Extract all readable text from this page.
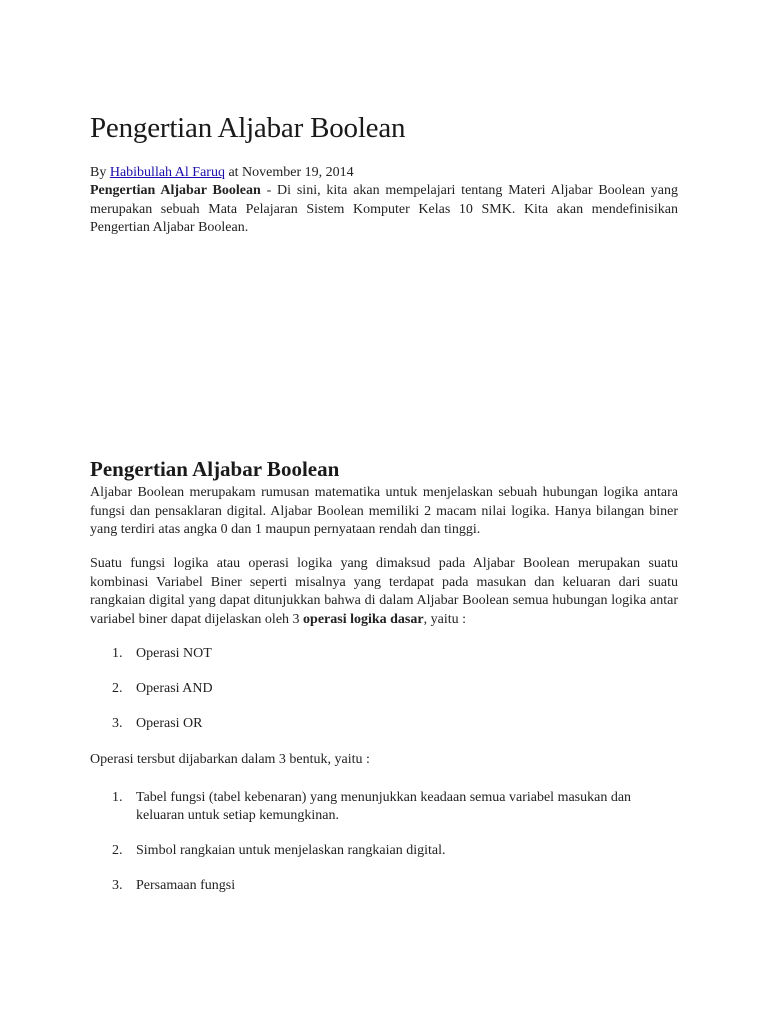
Pengertian Aljabar Boolean
By Habibullah Al Faruq at November 19, 2014

Pengertian Aljabar Boolean - Di sini, kita akan mempelajari tentang Materi Aljabar Boolean yang merupakan sebuah Mata Pelajaran Sistem Komputer Kelas 10 SMK. Kita akan mendefinisikan Pengertian Aljabar Boolean.

Pengertian Aljabar Boolean

Aljabar Boolean merupakam rumusan matematika untuk menjelaskan sebuah hubungan logika antara fungsi dan pensaklaran digital. Aljabar Boolean memiliki 2 macam nilai logika. Hanya bilangan biner yang terdiri atas angka 0 dan 1 maupun pernyataan rendah dan tinggi.

Suatu fungsi logika atau operasi logika yang dimaksud pada Aljabar Boolean merupakan suatu kombinasi Variabel Biner seperti misalnya yang terdapat pada masukan dan keluaran dari suatu rangkaian digital yang dapat ditunjukkan bahwa di dalam Aljabar Boolean semua hubungan logika antar variabel biner dapat dijelaskan oleh 3 operasi logika dasar, yaitu :

1. Operasi NOT
2. Operasi AND
3. Operasi OR

Operasi tersbut dijabarkan dalam 3 bentuk, yaitu :

1. Tabel fungsi (tabel kebenaran) yang menunjukkan keadaan semua variabel masukan dan keluaran untuk setiap kemungkinan.
2. Simbol rangkaian untuk menjelaskan rangkaian digital.
3. Persamaan fungsi
